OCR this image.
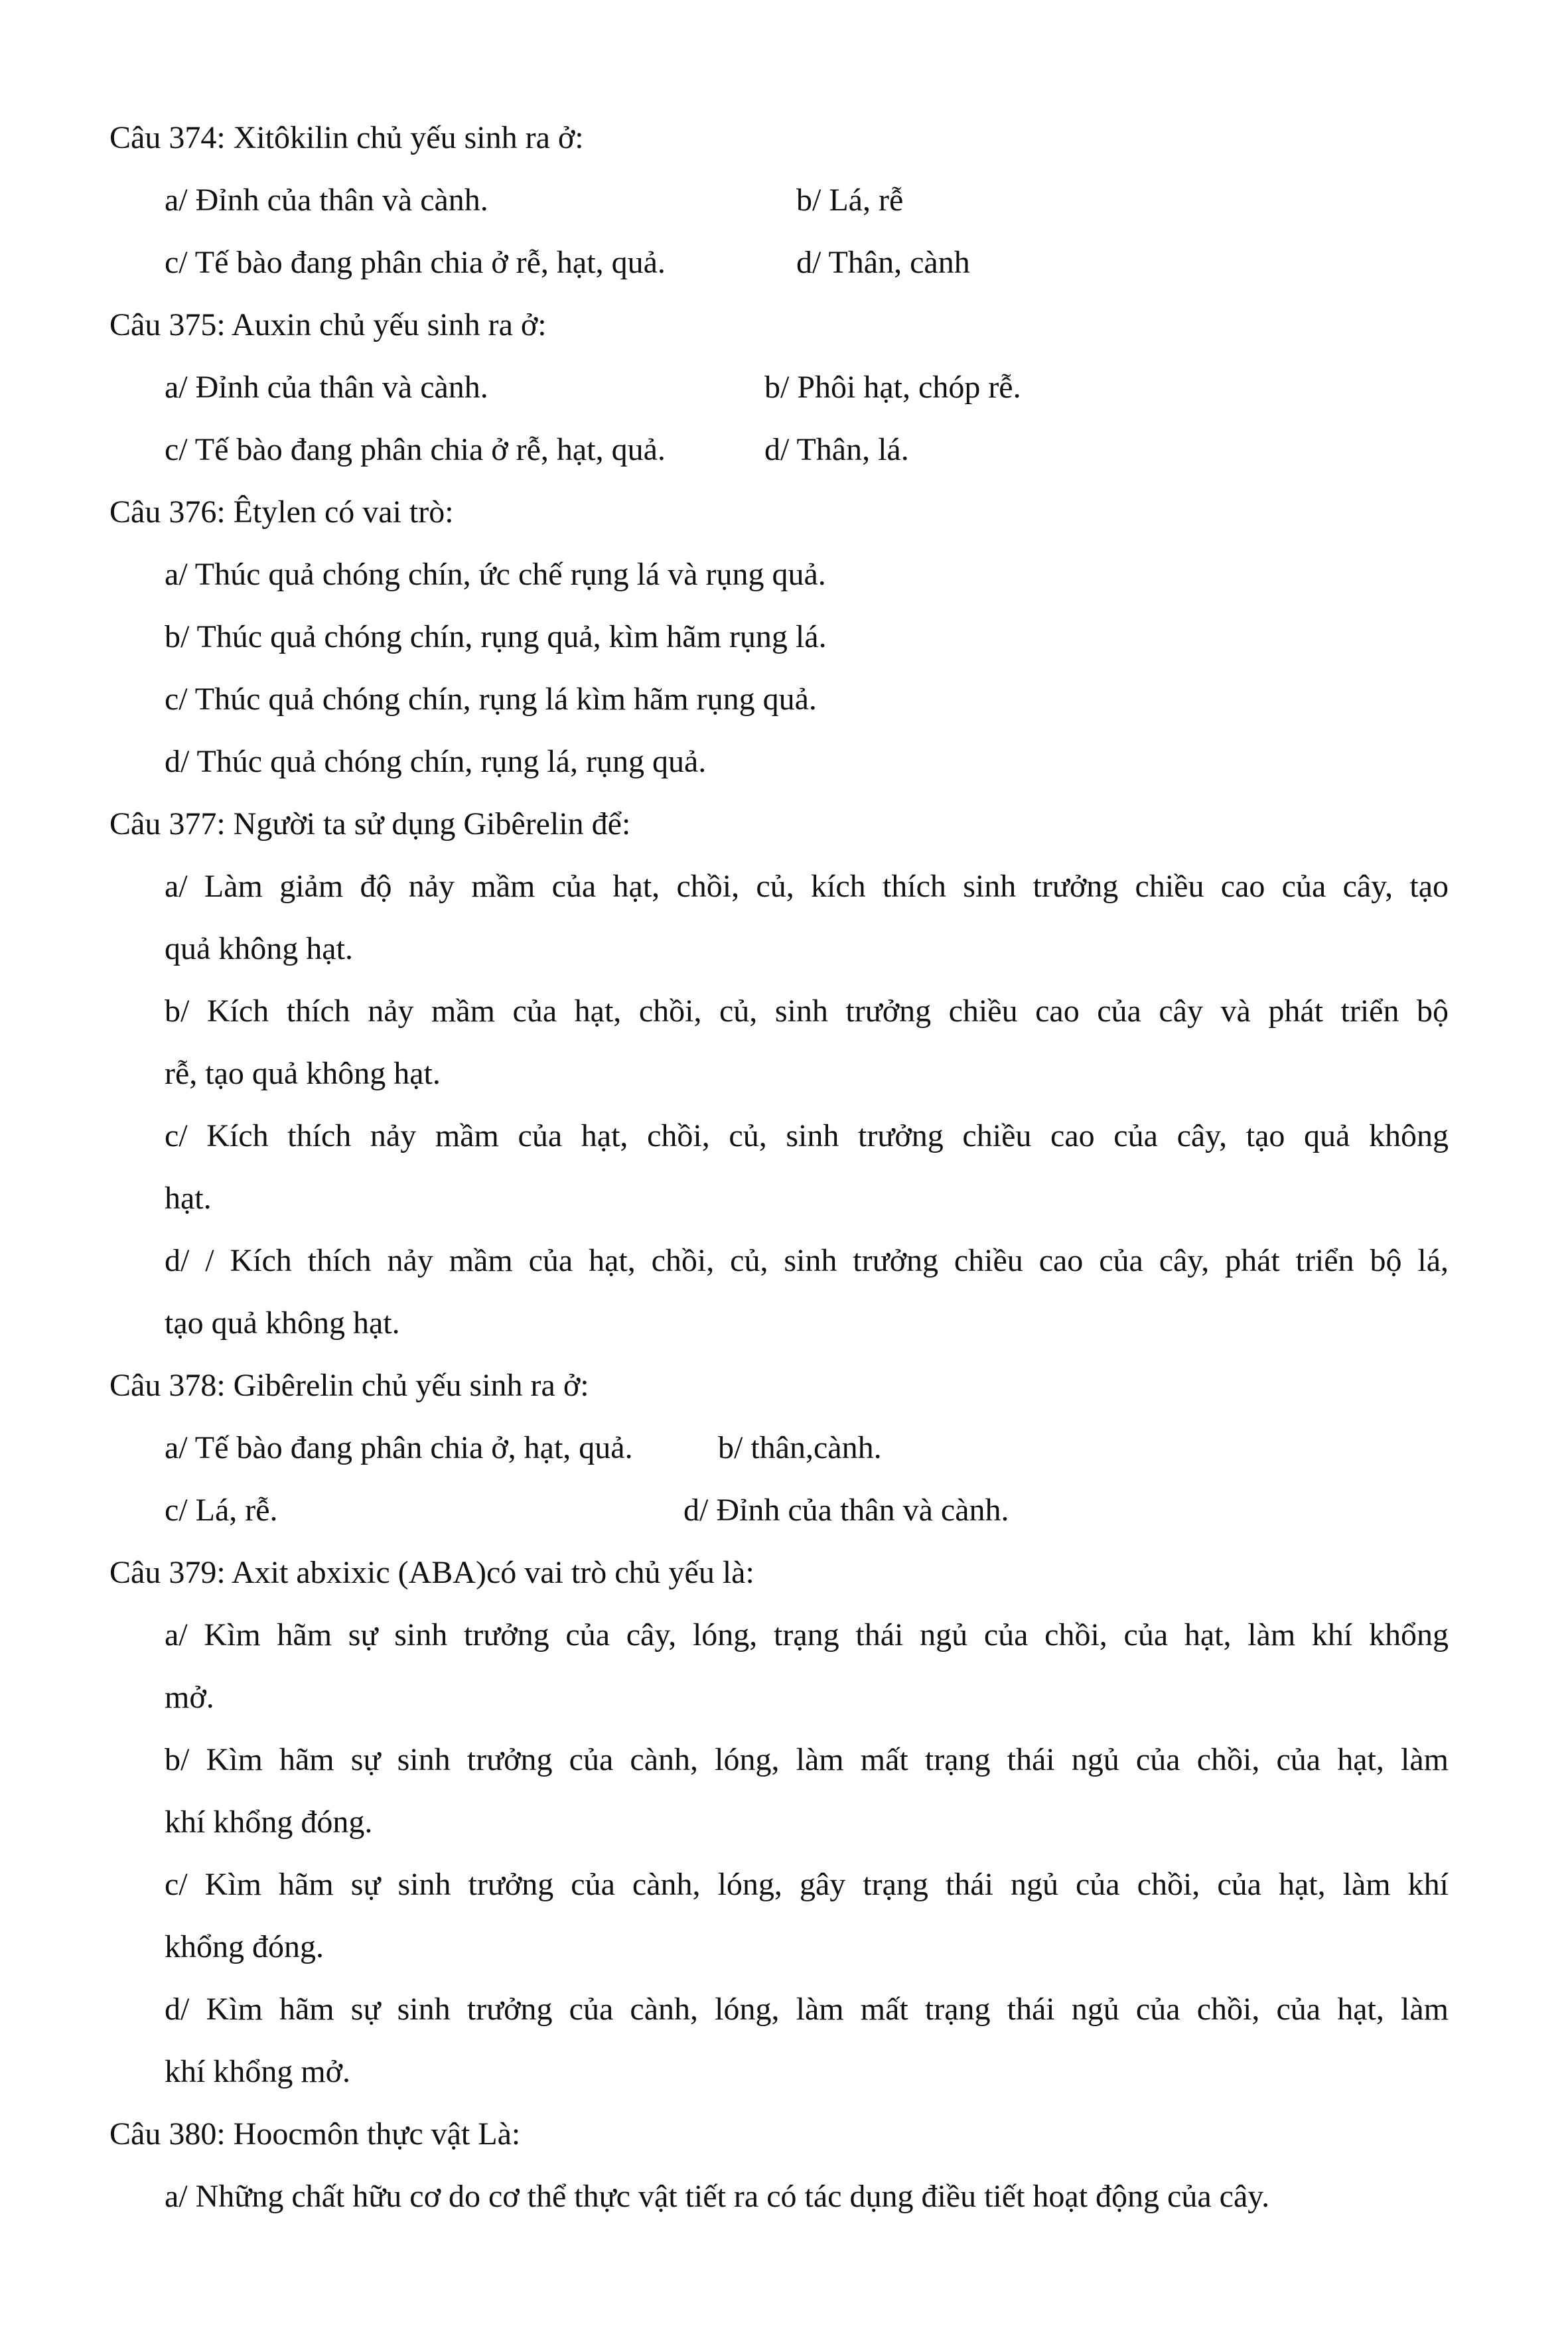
Câu 374: Xitôkilin chủ yếu sinh ra ở:
a/ Đỉnh của thân và cành.	b/ Lá, rễ
c/ Tế bào đang phân chia ở rễ, hạt, quả.	d/ Thân, cành
Câu 375: Auxin chủ yếu sinh ra ở:
a/ Đỉnh của thân và cành.	b/ Phôi hạt, chóp rễ.
c/ Tế bào đang phân chia ở rễ, hạt, quả.	d/ Thân, lá.
Câu 376: Êtylen có vai trò:
a/ Thúc quả chóng chín, ức chế rụng lá và rụng quả.
b/ Thúc quả chóng chín, rụng quả, kìm hãm rụng lá.
c/ Thúc quả chóng chín, rụng lá kìm hãm rụng quả.
d/ Thúc quả chóng chín, rụng lá, rụng quả.
Câu 377: Người ta sử dụng Gibêrelin để:
a/ Làm giảm độ nảy mầm của hạt, chồi, củ, kích thích sinh trưởng chiều cao của cây, tạo
quả không hạt.
b/ Kích thích nảy mầm của hạt, chồi, củ, sinh trưởng chiều cao của cây và phát triển bộ
rễ, tạo quả không hạt.
c/ Kích thích nảy mầm của hạt, chồi, củ, sinh trưởng chiều cao của cây, tạo quả không
hạt.
d/ / Kích thích nảy mầm của hạt, chồi, củ, sinh trưởng chiều cao của cây, phát triển bộ lá,
tạo quả không hạt.
Câu 378: Gibêrelin chủ yếu sinh ra ở:
a/ Tế bào đang phân chia ở, hạt, quả.	b/ thân,cành.
c/ Lá, rễ.	d/ Đỉnh của thân và cành.
Câu 379: Axit abxixic (ABA)có vai trò chủ yếu là:
a/ Kìm hãm sự sinh trưởng của cây, lóng, trạng thái ngủ của chồi, của hạt, làm khí khổng
mở.
b/ Kìm hãm sự sinh trưởng của cành, lóng, làm mất trạng thái ngủ của chồi, của hạt, làm
khí khổng đóng.
c/ Kìm hãm sự sinh trưởng của cành, lóng, gây trạng thái ngủ của chồi, của hạt, làm khí
khổng đóng.
d/ Kìm hãm sự sinh trưởng của cành, lóng, làm mất trạng thái ngủ của chồi, của hạt, làm
khí khổng mở.
Câu 380: Hoocmôn thực vật Là:
a/ Những chất hữu cơ do cơ thể thực vật tiết ra có tác dụng điều tiết hoạt động của cây.
